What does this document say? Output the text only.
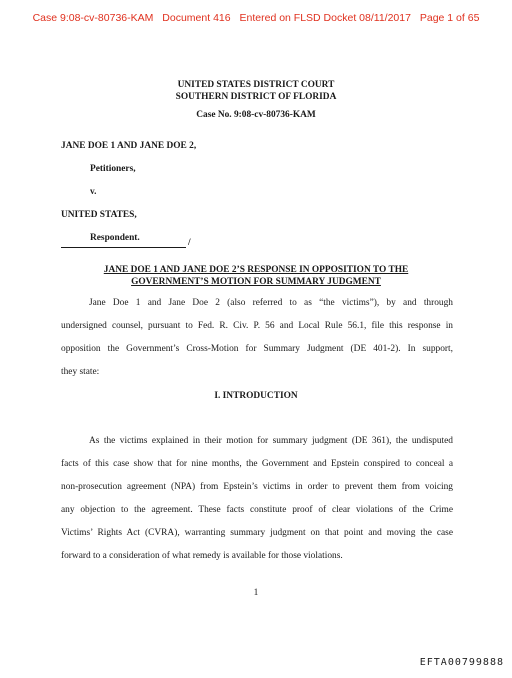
Case 9:08-cv-80736-KAM Document 416 Entered on FLSD Docket 08/11/2017 Page 1 of 65
UNITED STATES DISTRICT COURT
SOUTHERN DISTRICT OF FLORIDA
Case No. 9:08-cv-80736-KAM
JANE DOE 1 AND JANE DOE 2,
Petitioners,
v.
UNITED STATES,
Respondent.	/
JANE DOE 1 AND JANE DOE 2’S RESPONSE IN OPPOSITION TO THE
GOVERNMENT’S MOTION FOR SUMMARY JUDGMENT
Jane Doe 1 and Jane Doe 2 (also referred to as “the victims”), by and through
undersigned counsel, pursuant to Fed. R. Civ. P. 56 and Local Rule 56.1, file this response in
opposition the Government’s Cross-Motion for Summary Judgment (DE 401-2). In support,
they state:
I. INTRODUCTION
As the victims explained in their motion for summary judgment (DE 361), the undisputed
facts of this case show that for nine months, the Government and Epstein conspired to conceal a
non-prosecution agreement (NPA) from Epstein’s victims in order to prevent them from voicing
any objection to the agreement. These facts constitute proof of clear violations of the Crime
Victims’ Rights Act (CVRA), warranting summary judgment on that point and moving the case
forward to a consideration of what remedy is available for those violations.
1
EFTA00799888
